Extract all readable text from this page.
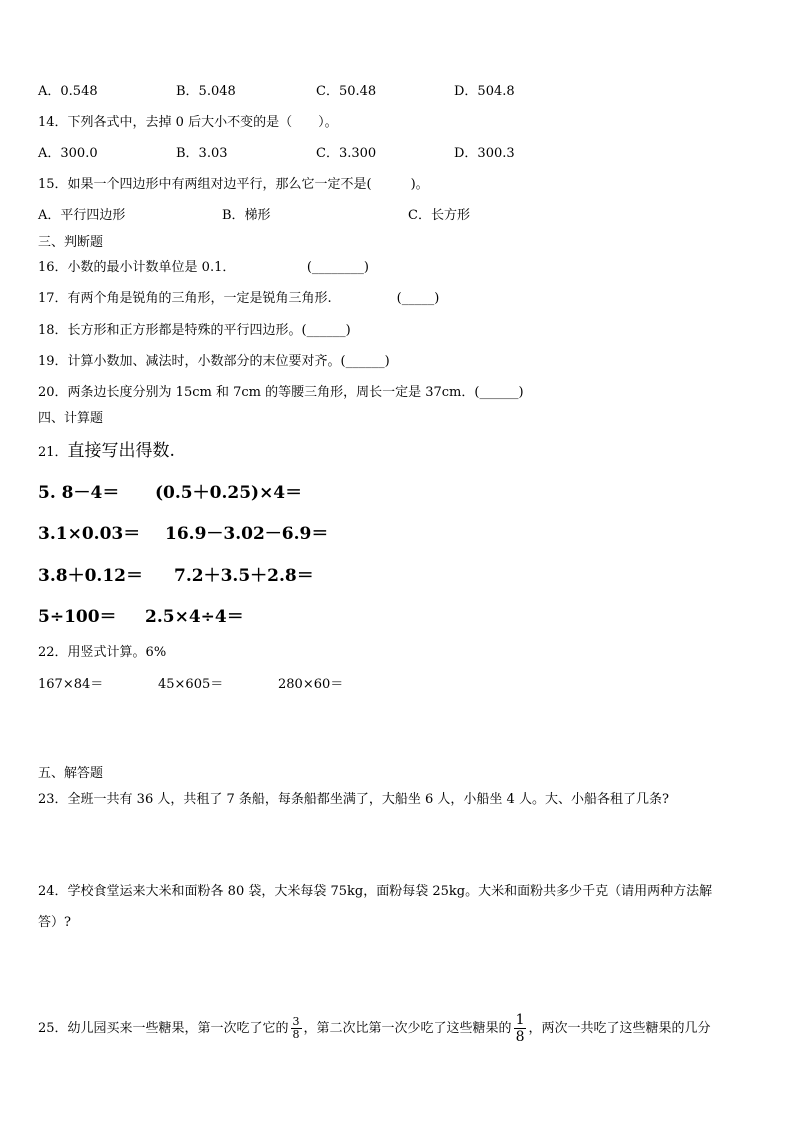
A．0.548	B．5.048	C．50.48	D．504.8
14．下列各式中，去掉 0 后大小不变的是（　　）。
A．300.0	B．3.03	C．3.300	D．300.3
15．如果一个四边形中有两组对边平行，那么它一定不是(　　　)。
A．平行四边形	B．梯形	C．长方形
三、判断题
16．小数的最小计数单位是 0.1．　　　　　　(________)
17．有两个角是锐角的三角形，一定是锐角三角形.　　　　　(_____)
18．长方形和正方形都是特殊的平行四边形。(______)
19．计算小数加、减法时，小数部分的末位要对齐。(______)
20．两条边长度分别为 15cm 和 7cm 的等腰三角形，周长一定是 37cm．(______)
四、计算题
21．直接写出得数.
5. 8－4＝ (0.5＋0.25)×4＝
3.1×0.03＝ 16.9－3.02－6.9＝
3.8＋0.12＝ 7.2＋3.5＋2.8＝
5÷100＝ 2.5×4÷4＝
22．用竖式计算。6%
167×84＝	45×605＝	280×60＝
五、解答题
23．全班一共有 36 人，共租了 7 条船，每条船都坐满了，大船坐 6 人，小船坐 4 人。大、小船各租了几条?
24．学校食堂运来大米和面粉各 80 袋，大米每袋 75kg，面粉每袋 25kg。大米和面粉共多少千克（请用两种方法解
答）?
25．幼儿园买来一些糖果，第一次吃了它的 $\frac{3}{8}$ ，第二次比第一次少吃了这些糖果的 $\frac{1}{8}$ ，两次一共吃了这些糖果的几分
